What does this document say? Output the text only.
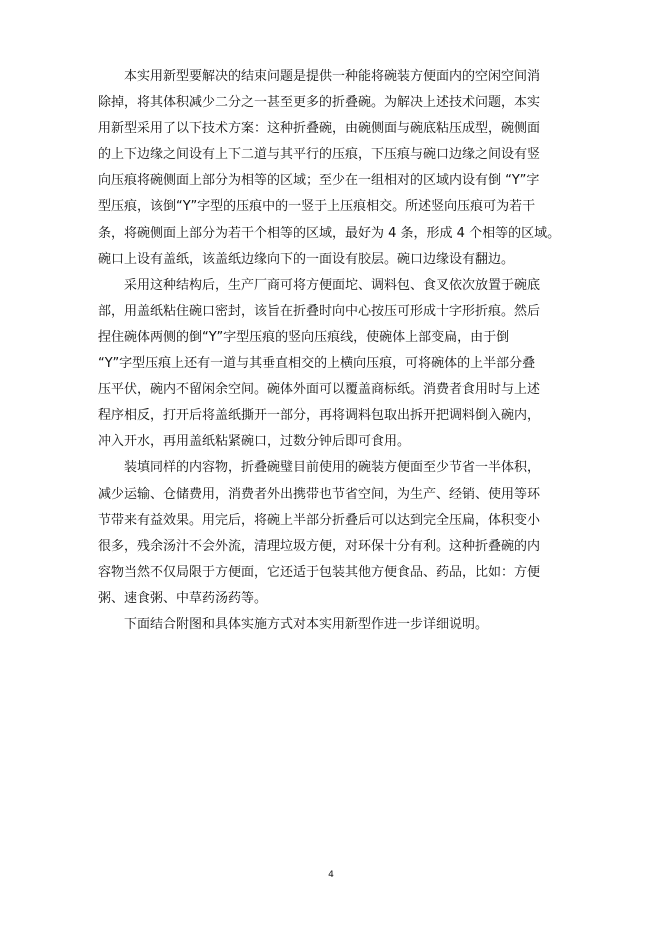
本实用新型要解决的结束问题是提供一种能将碗装方便面内的空闲空间消
除掉，将其体积减少二分之一甚至更多的折叠碗。为解决上述技术问题，本实
用新型采用了以下技术方案：这种折叠碗，由碗侧面与碗底粘压成型，碗侧面
的上下边缘之间设有上下二道与其平行的压痕，下压痕与碗口边缘之间设有竖
向压痕将碗侧面上部分为相等的区域；至少在一组相对的区域内设有倒 “Y”字
型压痕，该倒“Y”字型的压痕中的一竖于上压痕相交。所述竖向压痕可为若干
条，将碗侧面上部分为若干个相等的区域，最好为 4 条，形成 4 个相等的区域。
碗口上设有盖纸，该盖纸边缘向下的一面设有胶层。碗口边缘设有翻边。
采用这种结构后，生产厂商可将方便面坨、调料包、食叉依次放置于碗底
部，用盖纸粘住碗口密封，该旨在折叠时向中心按压可形成十字形折痕。然后
捏住碗体两侧的倒“Y”字型压痕的竖向压痕线，使碗体上部变扁，由于倒
“Y”字型压痕上还有一道与其垂直相交的上横向压痕，可将碗体的上半部分叠
压平伏，碗内不留闲余空间。碗体外面可以覆盖商标纸。消费者食用时与上述
程序相反，打开后将盖纸撕开一部分，再将调料包取出拆开把调料倒入碗内，
冲入开水，再用盖纸粘紧碗口，过数分钟后即可食用。
装填同样的内容物，折叠碗璧目前使用的碗装方便面至少节省一半体积，
减少运输、仓储费用，消费者外出携带也节省空间，为生产、经销、使用等环
节带来有益效果。用完后，将碗上半部分折叠后可以达到完全压扁，体积变小
很多，残余汤汁不会外流，清理垃圾方便，对环保十分有利。这种折叠碗的内
容物当然不仅局限于方便面，它还适于包装其他方便食品、药品，比如：方便
粥、速食粥、中草药汤药等。
下面结合附图和具体实施方式对本实用新型作进一步详细说明。
4
